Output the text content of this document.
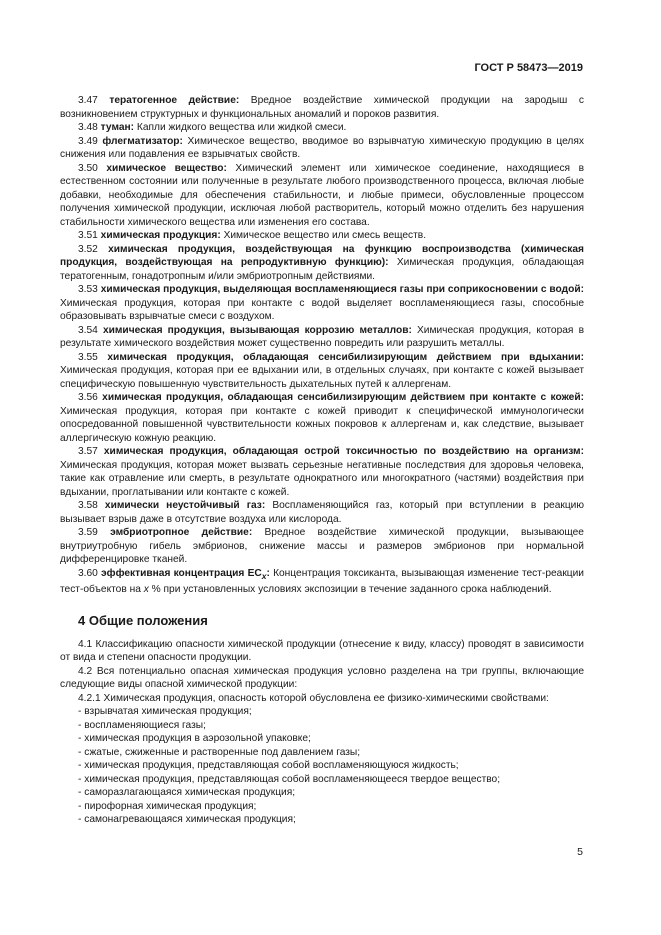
ГОСТ Р 58473—2019

3.47 тератогенное действие: Вредное воздействие химической продукции на зародыш с возникновением структурных и функциональных аномалий и пороков развития.

3.48 туман: Капли жидкого вещества или жидкой смеси.

3.49 флегматизатор: Химическое вещество, вводимое во взрывчатую химическую продукцию в целях снижения или подавления ее взрывчатых свойств.

3.50 химическое вещество: Химический элемент или химическое соединение, находящиеся в естественном состоянии или полученные в результате любого производственного процесса, включая любые добавки, необходимые для обеспечения стабильности, и любые примеси, обусловленные процессом получения химической продукции, исключая любой растворитель, который можно отделить без нарушения стабильности химического вещества или изменения его состава.

3.51 химическая продукция: Химическое вещество или смесь веществ.

3.52 химическая продукция, воздействующая на функцию воспроизводства (химическая продукция, воздействующая на репродуктивную функцию): Химическая продукция, обладающая тератогенным, гонадотропным и/или эмбриотропным действиями.

3.53 химическая продукция, выделяющая воспламеняющиеся газы при соприкосновении с водой: Химическая продукция, которая при контакте с водой выделяет воспламеняющиеся газы, способные образовывать взрывчатые смеси с воздухом.

3.54 химическая продукция, вызывающая коррозию металлов: Химическая продукция, которая в результате химического воздействия может существенно повредить или разрушить металлы.

3.55 химическая продукция, обладающая сенсибилизирующим действием при вдыхании: Химическая продукция, которая при ее вдыхании или, в отдельных случаях, при контакте с кожей вызывает специфическую повышенную чувствительность дыхательных путей к аллергенам.

3.56 химическая продукция, обладающая сенсибилизирующим действием при контакте с кожей: Химическая продукция, которая при контакте с кожей приводит к специфической иммунологически опосредованной повышенной чувствительности кожных покровов к аллергенам и, как следствие, вызывает аллергическую кожную реакцию.

3.57 химическая продукция, обладающая острой токсичностью по воздействию на организм: Химическая продукция, которая может вызвать серьезные негативные последствия для здоровья человека, такие как отравление или смерть, в результате однократного или многократного (частями) воздействия при вдыхании, проглатывании или контакте с кожей.

3.58 химически неустойчивый газ: Воспламеняющийся газ, который при вступлении в реакцию вызывает взрыв даже в отсутствие воздуха или кислорода.

3.59 эмбриотропное действие: Вредное воздействие химической продукции, вызывающее внутриутробную гибель эмбрионов, снижение массы и размеров эмбрионов при нормальной дифференцировке тканей.

3.60 эффективная концентрация $EC_x$: Концентрация токсиканта, вызывающая изменение тест-реакции тест-объектов на x % при установленных условиях экспозиции в течение заданного срока наблюдений.

4 Общие положения

4.1 Классификацию опасности химической продукции (отнесение к виду, классу) проводят в зависимости от вида и степени опасности продукции.

4.2 Вся потенциально опасная химическая продукция условно разделена на три группы, включающие следующие виды опасной химической продукции:

4.2.1 Химическая продукция, опасность которой обусловлена ее физико-химическими свойствами:

- взрывчатая химическая продукция;
- воспламеняющиеся газы;
- химическая продукция в аэрозольной упаковке;
- сжатые, сжиженные и растворенные под давлением газы;
- химическая продукция, представляющая собой воспламеняющуюся жидкость;
- химическая продукция, представляющая собой воспламеняющееся твердое вещество;
- саморазлагающаяся химическая продукция;
- пирофорная химическая продукция;
- самонагревающаяся химическая продукция;
5
